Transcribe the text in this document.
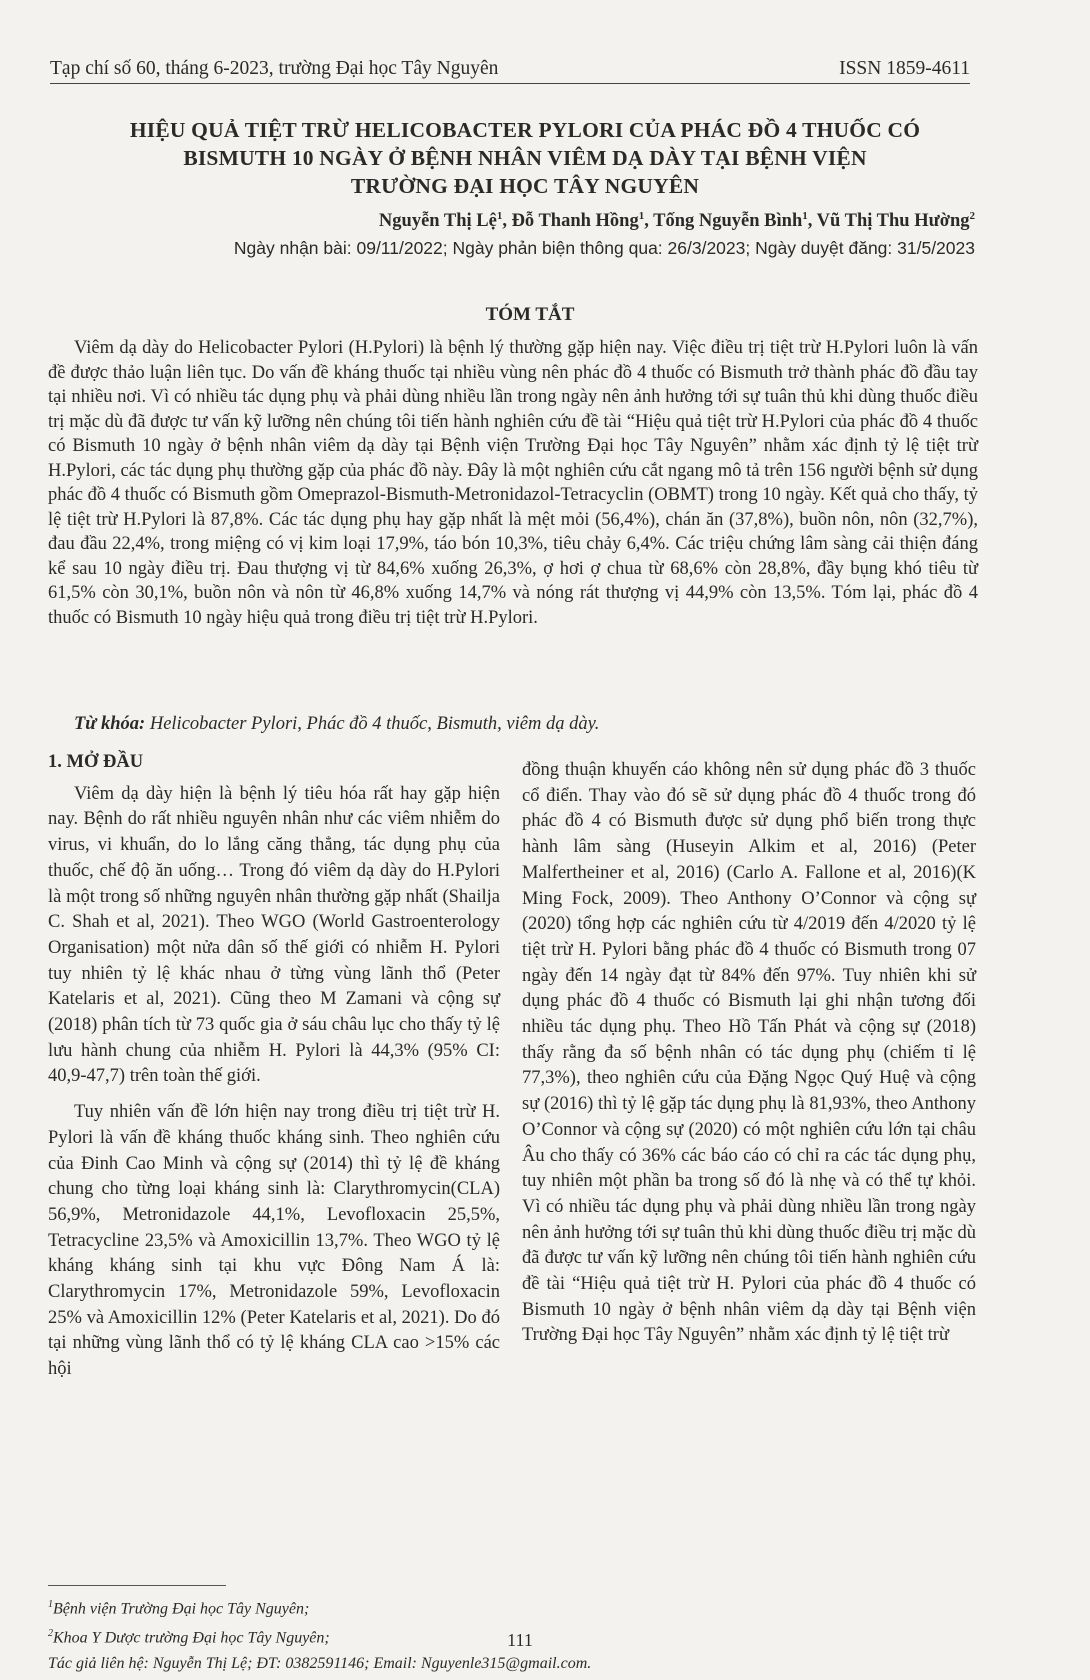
Tạp chí số 60, tháng 6-2023, trường Đại học Tây Nguyên	ISSN 1859-4611
HIỆU QUẢ TIỆT TRỪ HELICOBACTER PYLORI CỦA PHÁC ĐỒ 4 THUỐC CÓ
BISMUTH 10 NGÀY Ở BỆNH NHÂN VIÊM DẠ DÀY TẠI BỆNH VIỆN
TRƯỜNG ĐẠI HỌC TÂY NGUYÊN
Nguyễn Thị Lệ$^1$, Đỗ Thanh Hồng$^1$, Tống Nguyễn Bình$^1$, Vũ Thị Thu Hường$^2$
Ngày nhận bài: 09/11/2022; Ngày phản biện thông qua: 26/3/2023; Ngày duyệt đăng: 31/5/2023
TÓM TẮT

Viêm dạ dày do Helicobacter Pylori (H.Pylori) là bệnh lý thường gặp hiện nay. Việc điều trị tiệt trừ H.Pylori luôn là vấn đề được thảo luận liên tục. Do vấn đề kháng thuốc tại nhiều vùng nên phác đồ 4 thuốc có Bismuth trở thành phác đồ đầu tay tại nhiều nơi. Vì có nhiều tác dụng phụ và phải dùng nhiều lần trong ngày nên ảnh hưởng tới sự tuân thủ khi dùng thuốc điều trị mặc dù đã được tư vấn kỹ lưỡng nên chúng tôi tiến hành nghiên cứu đề tài “Hiệu quả tiệt trừ H.Pylori của phác đồ 4 thuốc có Bismuth 10 ngày ở bệnh nhân viêm dạ dày tại Bệnh viện Trường Đại học Tây Nguyên” nhằm xác định tỷ lệ tiệt trừ H.Pylori, các tác dụng phụ thường gặp của phác đồ này. Đây là một nghiên cứu cắt ngang mô tả trên 156 người bệnh sử dụng phác đồ 4 thuốc có Bismuth gồm Omeprazol-Bismuth-Metronidazol-Tetracyclin (OBMT) trong 10 ngày. Kết quả cho thấy, tỷ lệ tiệt trừ H.Pylori là 87,8%. Các tác dụng phụ hay gặp nhất là mệt mỏi (56,4%), chán ăn (37,8%), buồn nôn, nôn (32,7%), đau đầu 22,4%, trong miệng có vị kim loại 17,9%, táo bón 10,3%, tiêu chảy 6,4%. Các triệu chứng lâm sàng cải thiện đáng kể sau 10 ngày điều trị. Đau thượng vị từ 84,6% xuống 26,3%, ợ hơi ợ chua từ 68,6% còn 28,8%, đầy bụng khó tiêu từ 61,5% còn 30,1%, buồn nôn và nôn từ 46,8% xuống 14,7% và nóng rát thượng vị 44,9% còn 13,5%. Tóm lại, phác đồ 4 thuốc có Bismuth 10 ngày hiệu quả trong điều trị tiệt trừ H.Pylori.

Từ khóa: Helicobacter Pylori, Phác đồ 4 thuốc, Bismuth, viêm dạ dày.
1. MỞ ĐẦU

Viêm dạ dày hiện là bệnh lý tiêu hóa rất hay gặp hiện nay. Bệnh do rất nhiều nguyên nhân như các viêm nhiễm do virus, vi khuẩn, do lo lắng căng thẳng, tác dụng phụ của thuốc, chế độ ăn uống… Trong đó viêm dạ dày do H.Pylori là một trong số những nguyên nhân thường gặp nhất (Shailja C. Shah et al, 2021). Theo WGO (World Gastroenterology Organisation) một nửa dân số thế giới có nhiễm H. Pylori tuy nhiên tỷ lệ khác nhau ở từng vùng lãnh thổ (Peter Katelaris et al, 2021). Cũng theo M Zamani và cộng sự (2018) phân tích từ 73 quốc gia ở sáu châu lục cho thấy tỷ lệ lưu hành chung của nhiễm H. Pylori là 44,3% (95% CI: 40,9-47,7) trên toàn thế giới.

Tuy nhiên vấn đề lớn hiện nay trong điều trị tiệt trừ H. Pylori là vấn đề kháng thuốc kháng sinh. Theo nghiên cứu của Đinh Cao Minh và cộng sự (2014) thì tỷ lệ đề kháng chung cho từng loại kháng sinh là: Clarythromycin(CLA) 56,9%, Metronidazole 44,1%, Levofloxacin 25,5%, Tetracycline 23,5% và Amoxicillin 13,7%. Theo WGO tỷ lệ kháng kháng sinh tại khu vực Đông Nam Á là: Clarythromycin 17%, Metronidazole 59%, Levofloxacin 25% và Amoxicillin 12% (Peter Katelaris et al, 2021). Do đó tại những vùng lãnh thổ có tỷ lệ kháng CLA cao >15% các hội

đồng thuận khuyến cáo không nên sử dụng phác đồ 3 thuốc cổ điển. Thay vào đó sẽ sử dụng phác đồ 4 thuốc trong đó phác đồ 4 có Bismuth được sử dụng phổ biến trong thực hành lâm sàng (Huseyin Alkim et al, 2016) (Peter Malfertheiner et al, 2016) (Carlo A. Fallone et al, 2016)(K Ming Fock, 2009). Theo Anthony O’Connor và cộng sự (2020) tổng hợp các nghiên cứu từ 4/2019 đến 4/2020 tỷ lệ tiệt trừ H. Pylori bằng phác đồ 4 thuốc có Bismuth trong 07 ngày đến 14 ngày đạt từ 84% đến 97%. Tuy nhiên khi sử dụng phác đồ 4 thuốc có Bismuth lại ghi nhận tương đối nhiều tác dụng phụ. Theo Hồ Tấn Phát và cộng sự (2018) thấy rằng đa số bệnh nhân có tác dụng phụ (chiếm tỉ lệ 77,3%), theo nghiên cứu của Đặng Ngọc Quý Huệ và cộng sự (2016) thì tỷ lệ gặp tác dụng phụ là 81,93%, theo Anthony O’Connor và cộng sự (2020) có một nghiên cứu lớn tại châu Âu cho thấy có 36% các báo cáo có chỉ ra các tác dụng phụ, tuy nhiên một phần ba trong số đó là nhẹ và có thể tự khỏi. Vì có nhiều tác dụng phụ và phải dùng nhiều lần trong ngày nên ảnh hưởng tới sự tuân thủ khi dùng thuốc điều trị mặc dù đã được tư vấn kỹ lưỡng nên chúng tôi tiến hành nghiên cứu đề tài “Hiệu quả tiệt trừ H. Pylori của phác đồ 4 thuốc có Bismuth 10 ngày ở bệnh nhân viêm dạ dày tại Bệnh viện Trường Đại học Tây Nguyên” nhằm xác định tỷ lệ tiệt trừ

$^1$Bệnh viện Trường Đại học Tây Nguyên;
$^2$Khoa Y Dược trường Đại học Tây Nguyên;
Tác giả liên hệ: Nguyễn Thị Lệ; ĐT: 0382591146; Email: Nguyenle315@gmail.com.
111
